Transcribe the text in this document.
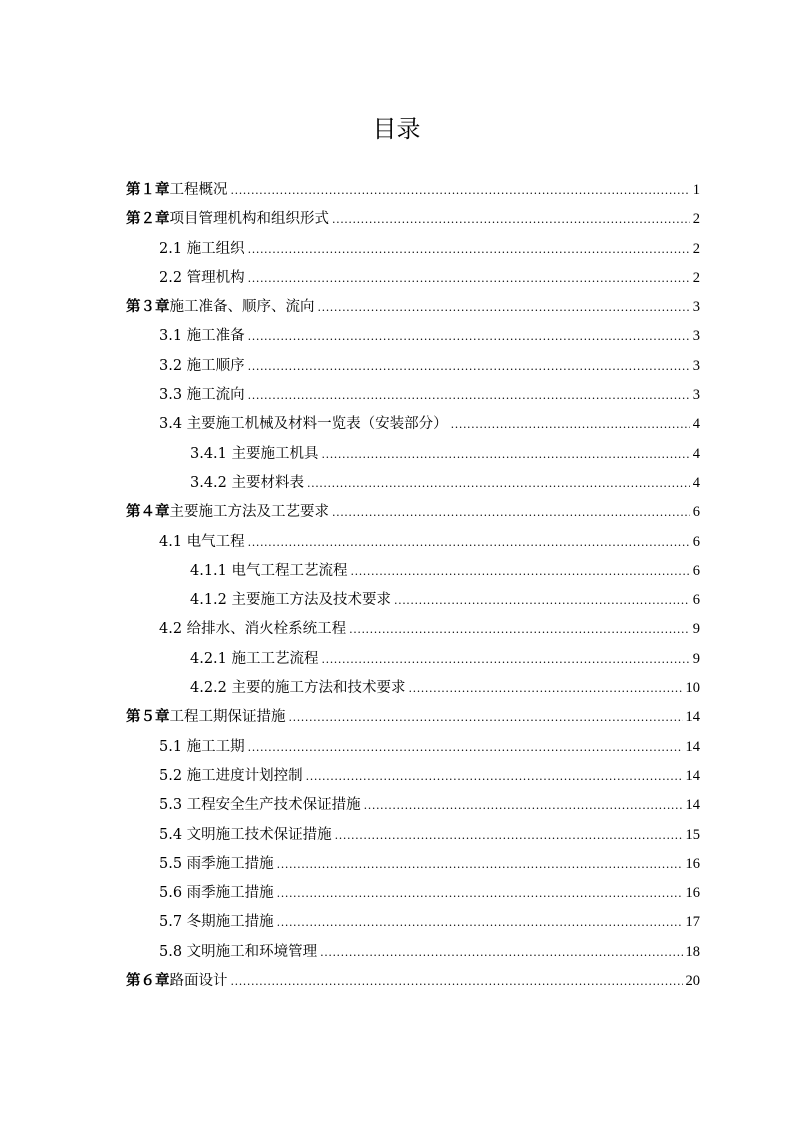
目录
第１章工程概况 .....	1
第２章项目管理机构和组织形式 .....	2
2.1 施工组织 .....	2
2.2 管理机构 .....	2
第３章施工准备、顺序、流向 .....	3
3.1 施工准备 .....	3
3.2 施工顺序 .....	3
3.3 施工流向 .....	3
3.4 主要施工机械及材料一览表（安装部分） .....	4
3.4.1 主要施工机具 .....	4
3.4.2 主要材料表 .....	4
第４章主要施工方法及工艺要求 .....	6
4.1 电气工程 .....	6
4.1.1 电气工程工艺流程 .....	6
4.1.2 主要施工方法及技术要求 .....	6
4.2 给排水、消火栓系统工程 .....	9
4.2.1 施工工艺流程 .....	9
4.2.2 主要的施工方法和技术要求 .....	10
第５章工程工期保证措施 .....	14
5.1 施工工期 .....	14
5.2 施工进度计划控制 .....	14
5.3 工程安全生产技术保证措施 .....	14
5.4 文明施工技术保证措施 .....	15
5.5 雨季施工措施 .....	16
5.6 雨季施工措施 .....	16
5.7 冬期施工措施 .....	17
5.8 文明施工和环境管理 .....	18
第６章路面设计 .....	20
